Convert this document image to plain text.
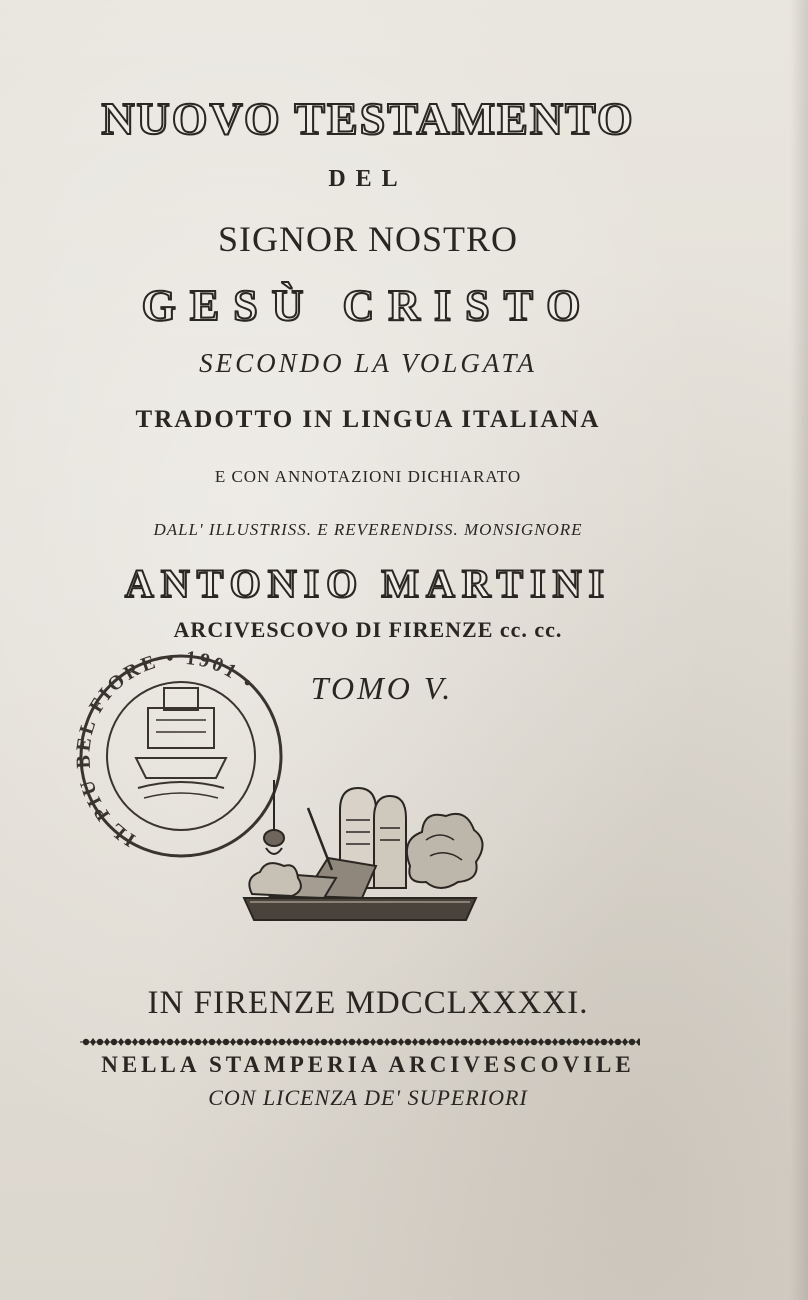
NUOVO TESTAMENTO
DEL
SIGNOR NOSTRO
GESÙ CRISTO
SECONDO LA VOLGATA
TRADOTTO IN LINGUA ITALIANA
E CON ANNOTAZIONI DICHIARATO
DALL' ILLUSTRISS. E REVERENDISS. MONSIGNORE
ANTONIO MARTINI
ARCIVESCOVO DI FIRENZE cc. cc.
TOMO V.
IL PIU BEL FIORE • 1901 •
IN FIRENZE MDCCLXXXXI.
NELLA STAMPERIA ARCIVESCOVILE
CON LICENZA DE' SUPERIORI
